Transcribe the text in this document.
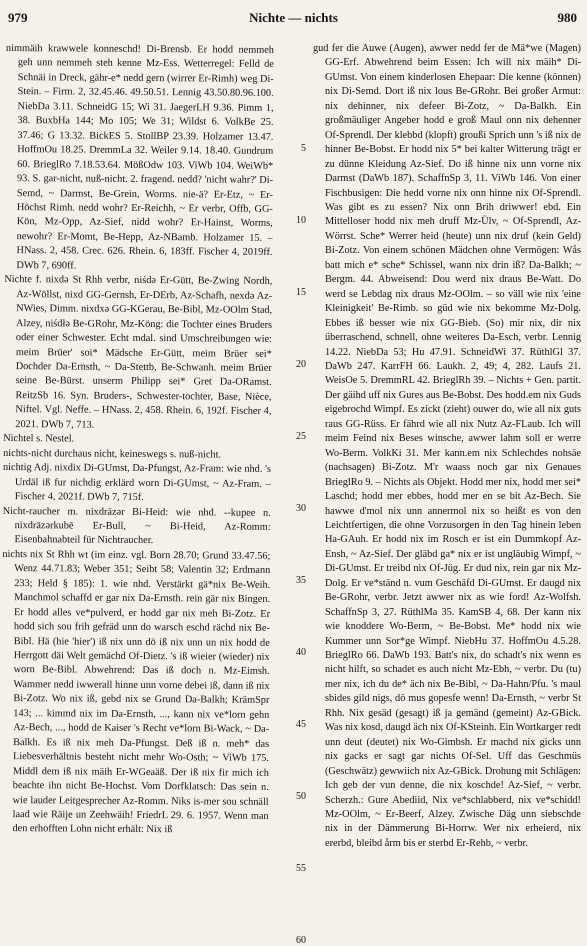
979	Nichte — nichts	980

nimmäih krawwele konneschd! Di-Brensb. Er hodd nemmeh geh unn nemmeh steh kenne Mz-Ess. Wetterregel: Felld de Schnäi in Dreck, gähr-e* nedd gern (wirrer Er-Rimh) weg Di-Stein. – Firm. 2, 32.45.46. 49.50.51. Lennig 43.50.80.96.100. NiebDa 3.11. SchneidG 15; Wi 31. JaegerLH 9.36. Pimm 1, 38. BuxbHa 144; Mo 105; We 31; Wildst 6. VolkBe 25. 37.46; G 13.32. BickES 5. StollBP 23.39. Holzamer 13.47. HoffmOu 18.25. DremmLa 32. Weiler 9.14. 18.40. Gundrum 60. BrieglRo 7.18.53.64. MößOdw 103. ViWb 104. WeiWb* 93. S. gar-nicht, nuß-nicht. 2. fragend. nedd? 'nicht wahr?' Di-Semd, ~ Darmst, Be-Grein, Worms. nie-ä? Er-Etz, ~ Er-Höchst Rimh. nedd wohr? Er-Reichh, ~ Er verbr, Offb, GG-Kön, Mz-Opp, Az-Sief, nidd wohr? Er-Hainst, Worms, newohr? Er-Momt, Be-Hepp, Az-NBamb. Holzamer 15. – HNass. 2, 458. Crec. 626. Rhein. 6, 183ff. Fischer 4, 2019ff. DWb 7, 690ff.

Nichte f. nixdə St Rhh verbr, niśdə Er-Gütt, Be-Zwing Nordh, Az-Wöllst, nixd GG-Gernsh, Er-DErb, Az-Schafh, nexdə Az-NWies, Dimm. nixdxə GG-KGerau, Be-Bibl, Mz-OOlm Stad, Alzey, niśdłə Be-GRohr, Mz-Köng: die Tochter eines Bruders oder einer Schwester. Echt mdal. sind Umschreibungen wie: meim Brüer' soi* Mädsche Er-Gütt, meim Brüer sei* Dochder Da-Ernsth, ~ Da-Stettb, Be-Schwanh. meim Brüer seine Be-Bürst. unserm Philipp sei* Gret Da-ORamst. ReitzSb 16. Syn. Bruders-, Schwester-tochter, Base, Nièce, Niftel. Vgl. Neffe. – HNass. 2, 458. Rhein. 6, 192f. Fischer 4, 2021. DWb 7, 713.

Nichtel s. Nestel.

nichts-nicht durchaus nicht, keineswegs s. nuß-nicht.

nichtig Adj. nixdix Di-GUmst, Da-Pfungst, Az-Fram: wie nhd. 's Urdäl iß fur nichdig erklärd worn Di-GUmst, ~ Az-Fram. – Fischer 4, 2021f. DWb 7, 715f.

Nicht-raucher m. nixdrāzər Bi-Heid: wie nhd. --kupee n. nixdrāzərkubē Er-Bull, ~ Bi-Heid, Az-Romm: Eisenbahnabteil für Nichtraucher.

nichts nix St Rhh wt (im einz. vgl. Born 28.70; Grund 33.47.56; Wenz 44.71.83; Weber 351; Seibt 58; Valentin 32; Erdmann 233; Held § 185): 1. wie nhd. Verstärkt gä*nix Be-Weih. Manchmol schaffd er gar nix Da-Ernsth. rein gär nix Bingen. Er hodd alles ve*pulverd, er hodd gar nix meh Bi-Zotz. Er hodd sich sou frih gefräd unn do warsch eschd rächd nix Be-Bibl. Hä (hie 'hier') iß nix unn dö iß nix unn un nix hodd de Herrgott däi Welt gemächd Of-Dietz. 's iß wieier (wieder) nix worn Be-Bibl. Abwehrend: Das iß doch n. Mz-Eimsh. Wammer nedd iwwerall hinne unn vorne debei iß, dann iß nix Bi-Zotz. Wo nix iß, gebd nix se Grund Da-Balkh; KrämSpr 143; ... kimmd nix im Da-Ernsth, ..., kann nix ve*lorn gehn Az-Bech, ..., hodd de Kaiser 's Recht ve*lorn Bi-Wack, ~ Da-Balkh. Es iß nix meh Da-Pfungst. Deß iß n. meh* das Liebesverhältnis besteht nicht mehr Wo-Osth; ~ ViWb 175. Middl dem iß nix mäih Er-WGeaäß. Der iß nix fir mich ich beachte ihn nicht Be-Hochst. Vom Dorfklatsch: Das sein n. wie lauder Leitgesprecher Az-Romm. Niks is-mer sou schnäll laad wie Räije un Zeehwäih! FriedrL 29. 6. 1957. Wenn man den erhofften Lohn nicht erhält: Nix iß

5
10
15
20
25
30
35
40
45
50
55
60

gud fer die Auwe (Augen), awwer nedd fer de Mä*we (Magen) GG-Erf. Abwehrend beim Essen: Ich will nix mäih* Di-GUmst. Von einem kinderlosen Ehepaar: Die kenne (können) nix Di-Semd. Dort iß nix lous Be-GRohr. Bei großer Armut: nix dehinner, nix defeer Bi-Zotz, ~ Da-Balkh. Ein großmäuliger Angeber hodd e groß Maul onn nix dehenner Of-Sprendl. Der klebbd (klopft) groußi Sprich unn 's iß nix de hinner Be-Bobst. Er hodd nix 5* bei kalter Witterung trägt er zu dünne Kleidung Az-Sief. Do iß hinne nix unn vorne nix Darmst (DaWb 187). SchaffnSp 3, 11. ViWb 146. Von einer Fischbusigen: Die hedd vorne nix onn hinne nix Of-Sprendl. Was gibt es zu essen? Nix onn Brih driwwer! ebd. Ein Mittelloser hodd nix meh druff Mz-Ülv, ~ Of-Sprendl, Az-Wörrst. Sche* Werrer heid (heute) unn nix druf (kein Geld) Bi-Zotz. Von einem schönen Mädchen ohne Vermögen: Wås batt mich e* sche* Schissel, wann nix drin iß? Da-Balkh; ~ Bergm. 44. Abweisend: Dou werd nix draus Be-Watt. Do werd se Lebdag nix draus Mz-OOlm. – so väll wie nix 'eine Kleinigkeit' Be-Rimb. so güd wie nix bekomme Mz-Dolg. Ebbes iß besser wie nix GG-Bieb. (So) mir nix, dir nix überraschend, schnell, ohne weiteres Da-Esch, verbr. Lennig 14.22. NiebDa 53; Hu 47.91. SchneidWi 37. RüthlGl 37. DaWb 247. KarrFH 66. Laukh. 2, 49; 4, 282. Laufs 21. WeisOe 5. DremmRL 42. BrieglRh 39. – Nichts + Gen. partit. Der gäihd uff nix Gures aus Be-Bobst. Des hodd.em nix Guds eigebrochd Wimpf. Es zickt (zieht) ouwer do, wie all nix guts raus GG-Rüss. Er fährd wie all nix Nutz Az-FLaub. Ich will meim Feind nix Beses winsche, awwer lahm soll er werre Wo-Berm. VolkKi 31. Mer kann.em nix Schlechdes nohsäe (nachsagen) Bi-Zotz. M'r waass noch gar nix Genaues BrieglRo 9. – Nichts als Objekt. Hodd mer nix, hodd mer sei* Laschd; hodd mer ebbes, hodd mer en se bit Az-Bech. Sie hawwe d'mol nix unn annermol nix so heißt es von den Leichtfertigen, die ohne Vorzusorgen in den Tag hinein leben Ha-GAuh. Er hodd nix im Rosch er ist ein Dummkopf Az-Ensh, ~ Az-Sief. Der gläbd ga* nix er ist ungläubig Wimpf, ~ Di-GUmst. Er treibd nix Of-Jüg. Er dud nix, rein gar nix Mz-Dolg. Er ve*ständ n. vum Geschäfd Di-GUmst. Er daugd nix Be-GRohr, verbr. Jetzt awwer nix as wie ford! Az-Wolfsh. SchaffnSp 3, 27. RüthlMa 35. KamSB 4, 68. Der kann nix wie knoddere Wo-Berm, ~ Be-Bobst. Me* hodd nix wie Kummer unn Sor*ge Wimpf. NiebHu 37. HoffmOu 4.5.28. BrieglRo 66. DaWb 193. Batt's nix, do schadt's nix wenn es nicht hilft, so schadet es auch nicht Mz-Ebh, ~ verbr. Du (tu) mer nix, ich du de* äch nix Be-Bibl, ~ Da-Hahn/Pfu. 's maul sbides gild nigs, dö mus gopesfe wenn! Da-Ernsth, ~ verbr St Rhh. Nix gesäd (gesagt) iß ja gemänd (gemeint) Az-GBick. Was nix kosd, daugd äch nix Of-KSteinh. Ein Wortkarger redt unn deut (deutet) nix Wo-Gimbsh. Er machd nix gicks unn nix gacks er sagt gar nichts Of-Sel. Uff das Geschmüs (Geschwätz) gewwiich nix Az-GBick. Drohung mit Schlägen: Ich geb der vun denne, die nix koschde! Az-Sief, ~ verbr. Scherzh.: Gure Abediid, Nix ve*schlabberd, nix ve*schidd! Mz-OOlm, ~ Er-Beerf, Alzey. Zwische Däg unn siebschde nix in der Dämmerung Bi-Horrw. Wer nix erheierd, nix ererbd, bleibd årm bis er sterbd Er-Rehb, ~ verbr.
